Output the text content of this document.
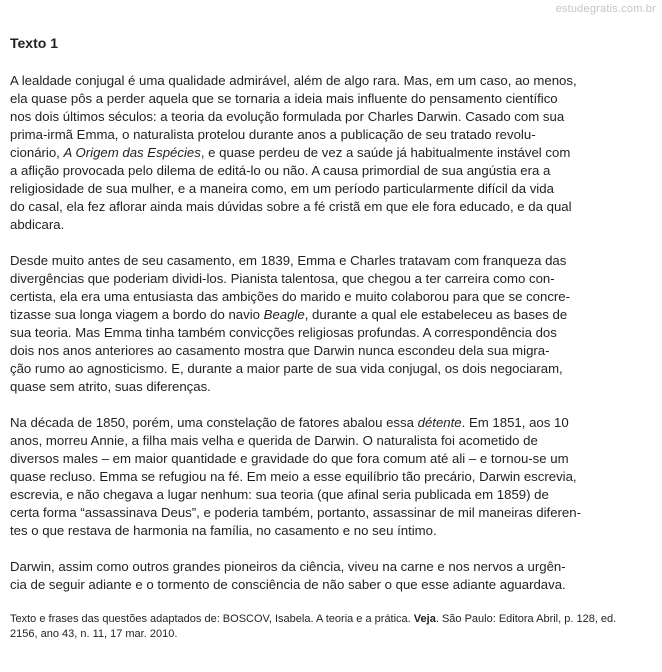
estudegratis.com.br
Texto 1

A lealdade conjugal é uma qualidade admirável, além de algo rara. Mas, em um caso, ao menos,
ela quase pôs a perder aquela que se tornaria a ideia mais influente do pensamento científico
nos dois últimos séculos: a teoria da evolução formulada por Charles Darwin. Casado com sua
prima-irmã Emma, o naturalista protelou durante anos a publicação de seu tratado revolu-
cionário, A Origem das Espécies, e quase perdeu de vez a saúde já habitualmente instável com
a aflição provocada pelo dilema de editá-lo ou não. A causa primordial de sua angústia era a
religiosidade de sua mulher, e a maneira como, em um período particularmente difícil da vida
do casal, ela fez aflorar ainda mais dúvidas sobre a fé cristã em que ele fora educado, e da qual
abdicara.

Desde muito antes de seu casamento, em 1839, Emma e Charles tratavam com franqueza das
divergências que poderiam dividi-los. Pianista talentosa, que chegou a ter carreira como con-
certista, ela era uma entusiasta das ambições do marido e muito colaborou para que se concre-
tizasse sua longa viagem a bordo do navio Beagle, durante a qual ele estabeleceu as bases de
sua teoria. Mas Emma tinha também convicções religiosas profundas. A correspondência dos
dois nos anos anteriores ao casamento mostra que Darwin nunca escondeu dela sua migra-
ção rumo ao agnosticismo. E, durante a maior parte de sua vida conjugal, os dois negociaram,
quase sem atrito, suas diferenças.

Na década de 1850, porém, uma constelação de fatores abalou essa détente. Em 1851, aos 10
anos, morreu Annie, a filha mais velha e querida de Darwin. O naturalista foi acometido de
diversos males – em maior quantidade e gravidade do que fora comum até ali – e tornou-se um
quase recluso. Emma se refugiou na fé. Em meio a esse equilíbrio tão precário, Darwin escrevia,
escrevia, e não chegava a lugar nenhum: sua teoria (que afinal seria publicada em 1859) de
certa forma “assassinava Deus”, e poderia também, portanto, assassinar de mil maneiras diferen-
tes o que restava de harmonia na família, no casamento e no seu íntimo.

Darwin, assim como outros grandes pioneiros da ciência, viveu na carne e nos nervos a urgên-
cia de seguir adiante e o tormento de consciência de não saber o que esse adiante aguardava.

Texto e frases das questões adaptados de: BOSCOV, Isabela. A teoria e a prática. Veja. São Paulo: Editora Abril, p. 128, ed.
2156, ano 43, n. 11, 17 mar. 2010.
